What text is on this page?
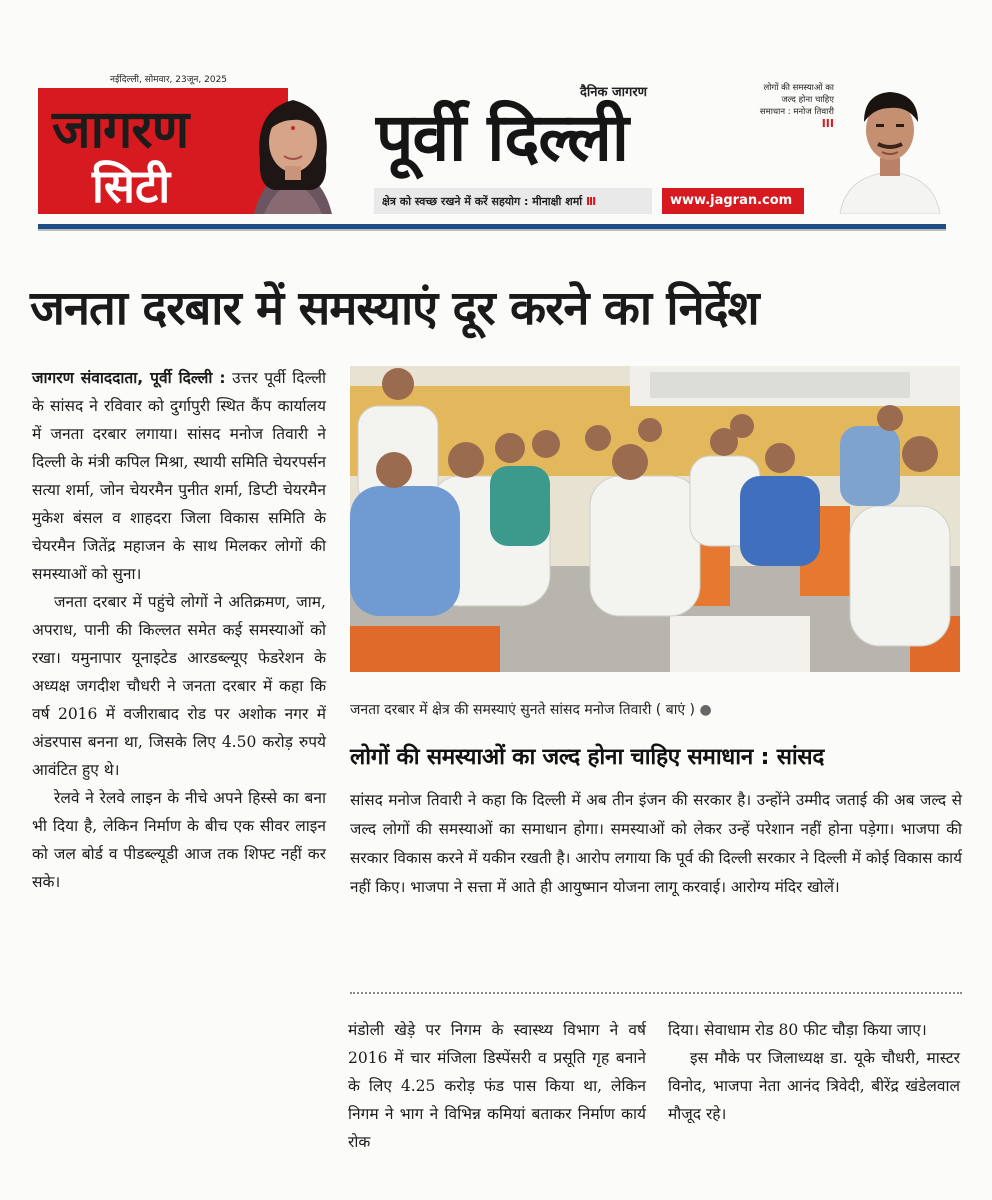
नईदिल्ली, सोमवार, 23जून, 2025
जागरण
सिटी
दैनिक जागरण
पूर्वी दिल्ली
क्षेत्र को स्वच्छ रखने में करें सहयोग : मीनाक्षी शर्मा III	www.jagran.com
लोगों की समस्याओं का जल्द होना चाहिए समाधान : मनोज तिवारी
III
जनता दरबार में समस्याएं दूर करने का निर्देश

जागरण संवाददाता, पूर्वी दिल्ली : उत्तर पूर्वी दिल्ली के सांसद ने रविवार को दुर्गापुरी स्थित कैंप कार्यालय में जनता दरबार लगाया। सांसद मनोज तिवारी ने दिल्ली के मंत्री कपिल मिश्रा, स्थायी समिति चेयरपर्सन सत्या शर्मा, जोन चेयरमैन पुनीत शर्मा, डिप्टी चेयरमैन मुकेश बंसल व शाहदरा जिला विकास समिति के चेयरमैन जितेंद्र महाजन के साथ मिलकर लोगों की समस्याओं को सुना।

जनता दरबार में पहुंचे लोगों ने अतिक्रमण, जाम, अपराध, पानी की किल्लत समेत कई समस्याओं को रखा। यमुनापार यूनाइटेड आरडब्ल्यूए फेडरेशन के अध्यक्ष जगदीश चौधरी ने जनता दरबार में कहा कि वर्ष 2016 में वजीराबाद रोड पर अशोक नगर में अंडरपास बनना था, जिसके लिए 4.50 करोड़ रुपये आवंटित हुए थे।

रेलवे ने रेलवे लाइन के नीचे अपने हिस्से का बना भी दिया है, लेकिन निर्माण के बीच एक सीवर लाइन को जल बोर्ड व पीडब्ल्यूडी आज तक शिफ्ट नहीं कर सके।

जनता दरबार में क्षेत्र की समस्याएं सुनते सांसद मनोज तिवारी ( बाएं ) ●
लोगों की समस्याओं का जल्द होना चाहिए समाधान : सांसद
सांसद मनोज तिवारी ने कहा कि दिल्ली में अब तीन इंजन की सरकार है। उन्होंने उम्मीद जताई की अब जल्द से जल्द लोगों की समस्याओं का समाधान होगा। समस्याओं को लेकर उन्हें परेशान नहीं होना पड़ेगा। भाजपा की सरकार विकास करने में यकीन रखती है। आरोप लगाया कि पूर्व की दिल्ली सरकार ने दिल्ली में कोई विकास कार्य नहीं किए। भाजपा ने सत्ता में आते ही आयुष्मान योजना लागू करवाई। आरोग्य मंदिर खोलें।

मंडोली खेड़े पर निगम के स्वास्थ्य विभाग ने वर्ष 2016 में चार मंजिला डिस्पेंसरी व प्रसूति गृह बनाने के लिए 4.25 करोड़ फंड पास किया था, लेकिन निगम ने भाग ने विभिन्न कमियां बताकर निर्माण कार्य रोक

दिया। सेवाधाम रोड 80 फीट चौड़ा किया जाए।

इस मौके पर जिलाध्यक्ष डा. यूके चौधरी, मास्टर विनोद, भाजपा नेता आनंद त्रिवेदी, बीरेंद्र खंडेलवाल मौजूद रहे।
